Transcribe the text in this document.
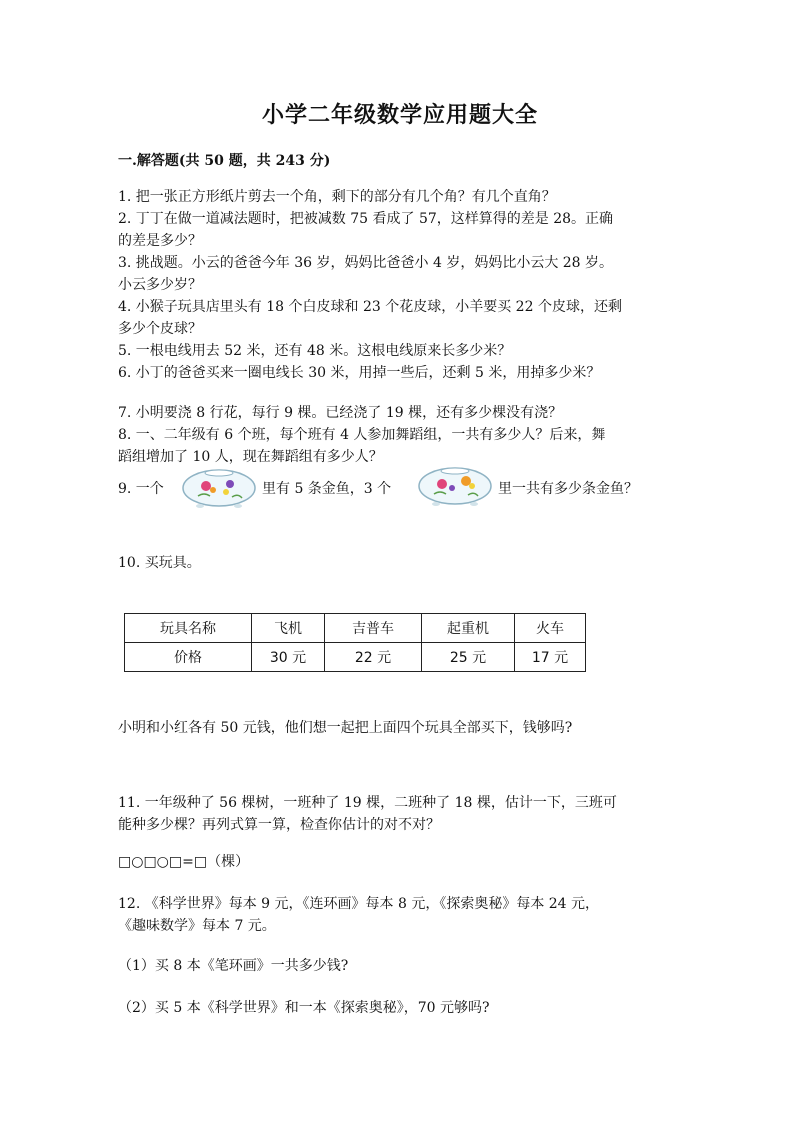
小学二年级数学应用题大全
一.解答题(共 50 题，共 243 分)
1. 把一张正方形纸片剪去一个角，剩下的部分有几个角？有几个直角？
2. 丁丁在做一道减法题时，把被减数 75 看成了 57，这样算得的差是 28。正确
的差是多少？
3. 挑战题。小云的爸爸今年 36 岁，妈妈比爸爸小 4 岁，妈妈比小云大 28 岁。
小云多少岁？
4. 小猴子玩具店里头有 18 个白皮球和 23 个花皮球，小羊要买 22 个皮球，还剩
多少个皮球？
5. 一根电线用去 52 米，还有 48 米。这根电线原来长多少米？
6. 小丁的爸爸买来一圈电线长 30 米，用掉一些后，还剩 5 米，用掉多少米？
7. 小明要浇 8 行花，每行 9 棵。已经浇了 19 棵，还有多少棵没有浇？
8. 一、二年级有 6 个班，每个班有 4 人参加舞蹈组，一共有多少人？后来，舞
蹈组增加了 10 人，现在舞蹈组有多少人？
9. 一个	里有 5 条金鱼，3 个	里一共有多少条金鱼？
10. 买玩具。
玩具名称	飞机	吉普车	起重机	火车
价格	30 元	22 元	25 元	17 元
小明和小红各有 50 元钱，他们想一起把上面四个玩具全部买下，钱够吗?
11. 一年级种了 56 棵树，一班种了 19 棵，二班种了 18 棵，估计一下，三班可
能种多少棵？再列式算一算，检查你估计的对不对？
□○□○□=□（棵）
12. 《科学世界》每本 9 元，《连环画》每本 8 元，《探索奥秘》每本 24 元，
《趣味数学》每本 7 元。
（1）买 8 本《笔环画》一共多少钱?
（2）买 5 本《科学世界》和一本《探索奥秘》，70 元够吗?
